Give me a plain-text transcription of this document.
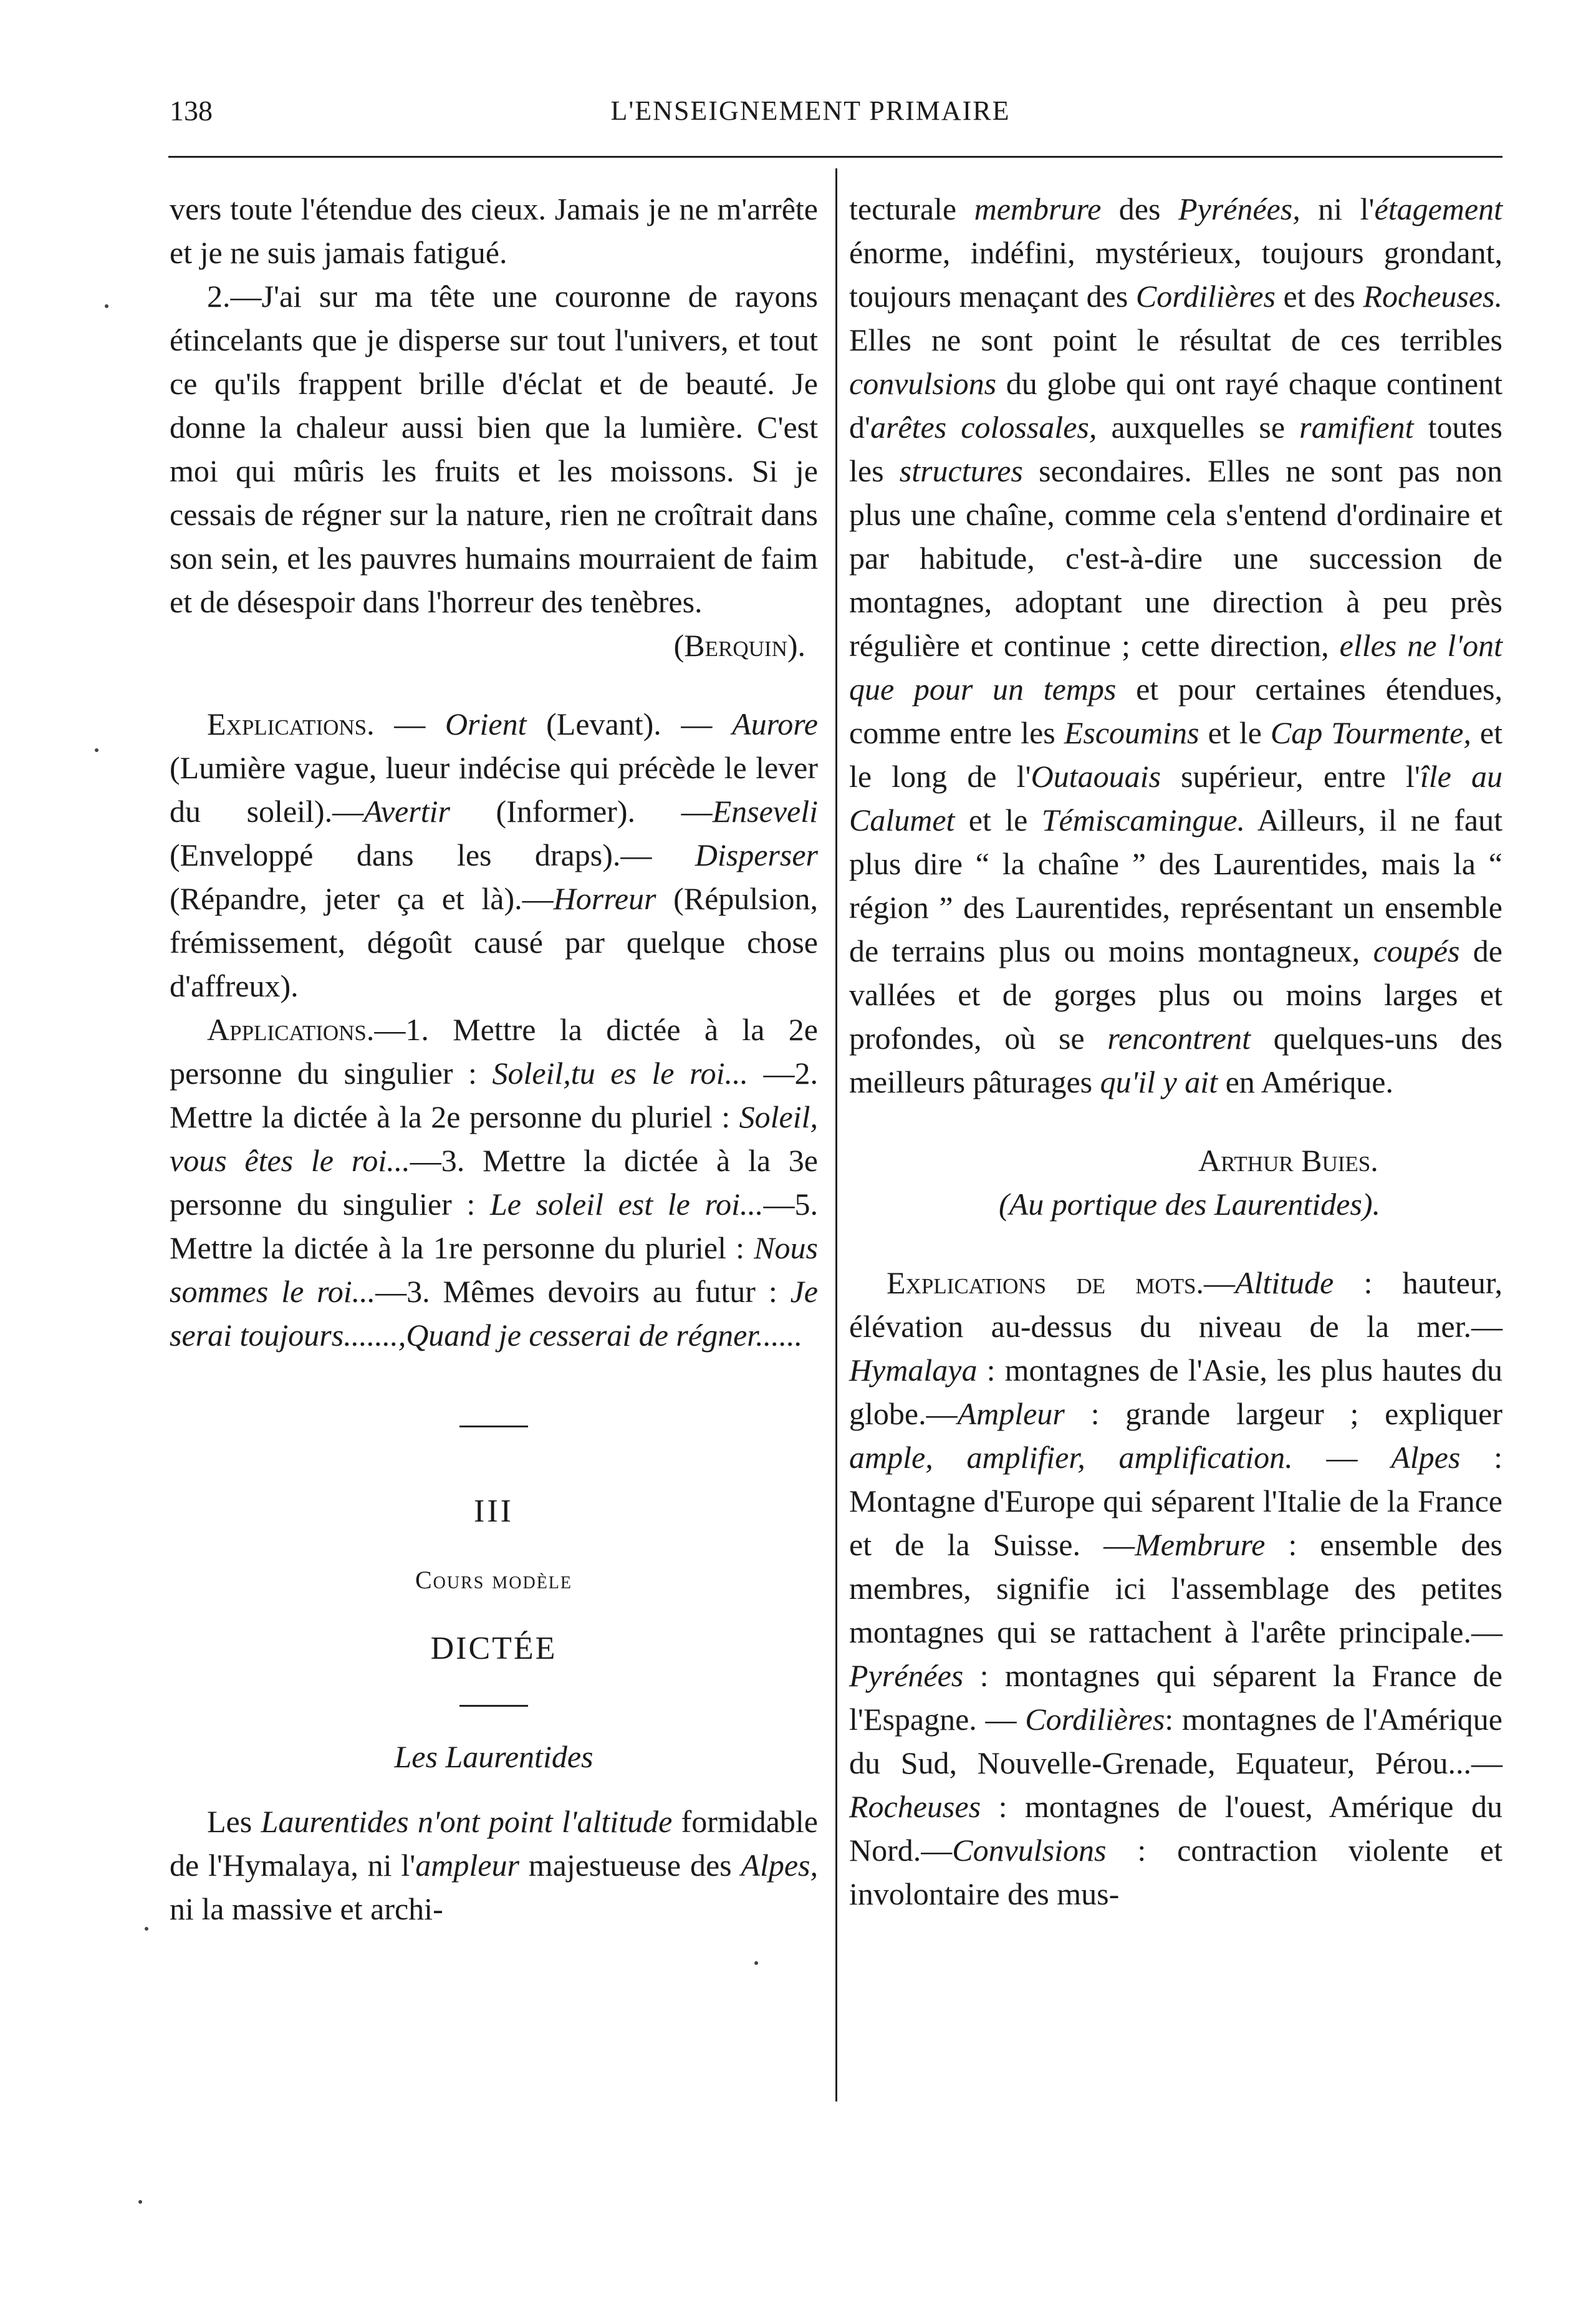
138	L'ENSEIGNEMENT PRIMAIRE

vers toute l'étendue des cieux. Jamais je ne m'arrête et je ne suis jamais fatigué.

2.—J'ai sur ma tête une couronne de rayons étincelants que je disperse sur tout l'univers, et tout ce qu'ils frappent brille d'éclat et de beauté. Je donne la chaleur aussi bien que la lumière. C'est moi qui mûris les fruits et les moissons. Si je cessais de régner sur la nature, rien ne croîtrait dans son sein, et les pauvres humains mourraient de faim et de désespoir dans l'horreur des tenèbres.

(Berquin).

Explications. — Orient (Levant). — Aurore (Lumière vague, lueur indécise qui précède le lever du soleil).—Avertir (Informer). —Enseveli (Enveloppé dans les draps).— Disperser (Répandre, jeter ça et là).—Horreur (Répulsion, frémissement, dégoût causé par quelque chose d'affreux).

Applications.—1. Mettre la dictée à la 2e personne du singulier : Soleil,tu es le roi... —2. Mettre la dictée à la 2e personne du pluriel : Soleil, vous êtes le roi...—3. Mettre la dictée à la 3e personne du singulier : Le soleil est le roi...—5. Mettre la dictée à la 1re personne du pluriel : Nous sommes le roi...—3. Mêmes devoirs au futur : Je serai toujours.......,Quand je cesserai de régner......

III

Cours modèle

DICTÉE

Les Laurentides

Les Laurentides n'ont point l'altitude formidable de l'Hymalaya, ni l'ampleur majestueuse des Alpes, ni la massive et archi-

tecturale membrure des Pyrénées, ni l'étagement énorme, indéfini, mystérieux, toujours grondant, toujours menaçant des Cordilières et des Rocheuses. Elles ne sont point le résultat de ces terribles convulsions du globe qui ont rayé chaque continent d'arêtes colossales, auxquelles se ramifient toutes les structures secondaires. Elles ne sont pas non plus une chaîne, comme cela s'entend d'ordinaire et par habitude, c'est-à-dire une succession de montagnes, adoptant une direction à peu près régulière et continue ; cette direction, elles ne l'ont que pour un temps et pour certaines étendues, comme entre les Escoumins et le Cap Tourmente, et le long de l'Outaouais supérieur, entre l'île au Calumet et le Témiscamingue. Ailleurs, il ne faut plus dire “ la chaîne ” des Laurentides, mais la “ région ” des Laurentides, représentant un ensemble de terrains plus ou moins montagneux, coupés de vallées et de gorges plus ou moins larges et profondes, où se rencontrent quelques-uns des meilleurs pâturages qu'il y ait en Amérique.

Arthur Buies.

(Au portique des Laurentides).

Explications de mots.—Altitude : hauteur, élévation au-dessus du niveau de la mer.—Hymalaya : montagnes de l'Asie, les plus hautes du globe.—Ampleur : grande largeur ; expliquer ample, amplifier, amplification. — Alpes : Montagne d'Europe qui séparent l'Italie de la France et de la Suisse. —Membrure : ensemble des membres, signifie ici l'assemblage des petites montagnes qui se rattachent à l'arête principale.— Pyrénées : montagnes qui séparent la France de l'Espagne. — Cordilières: montagnes de l'Amérique du Sud, Nouvelle-Grenade, Equateur, Pérou...— Rocheuses : montagnes de l'ouest, Amérique du Nord.—Convulsions : contraction violente et involontaire des mus-
